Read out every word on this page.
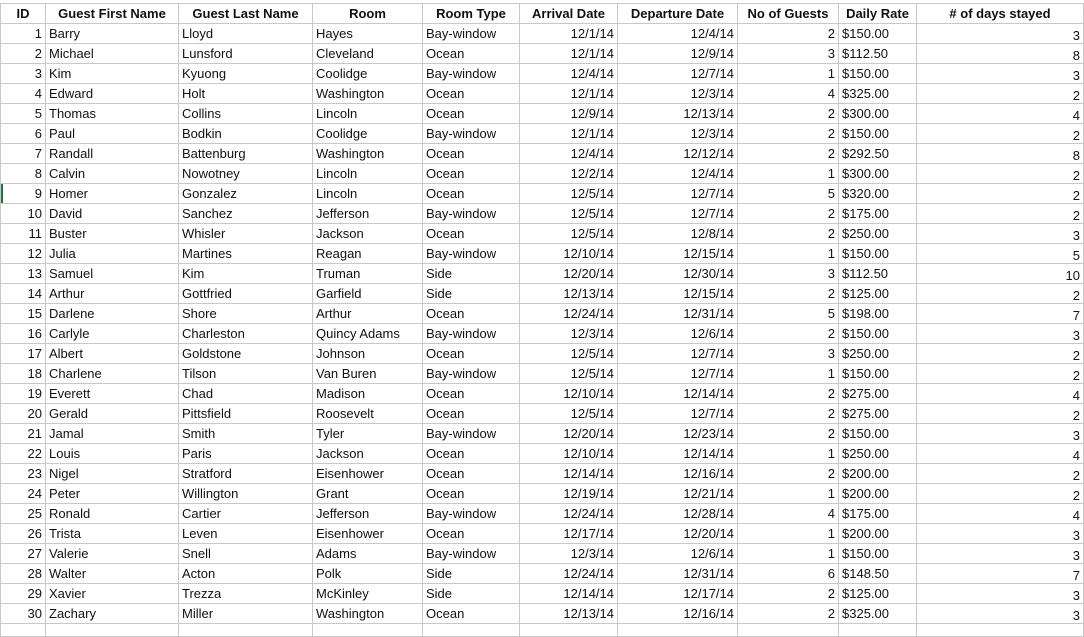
ID	Guest First Name	Guest Last Name	Room	Room Type	Arrival Date	Departure Date	No of Guests	Daily Rate	# of days stayed
1	Barry	Lloyd	Hayes	Bay-window	12/1/14	12/4/14	2	$150.00	3
2	Michael	Lunsford	Cleveland	Ocean	12/1/14	12/9/14	3	$112.50	8
3	Kim	Kyuong	Coolidge	Bay-window	12/4/14	12/7/14	1	$150.00	3
4	Edward	Holt	Washington	Ocean	12/1/14	12/3/14	4	$325.00	2
5	Thomas	Collins	Lincoln	Ocean	12/9/14	12/13/14	2	$300.00	4
6	Paul	Bodkin	Coolidge	Bay-window	12/1/14	12/3/14	2	$150.00	2
7	Randall	Battenburg	Washington	Ocean	12/4/14	12/12/14	2	$292.50	8
8	Calvin	Nowotney	Lincoln	Ocean	12/2/14	12/4/14	1	$300.00	2
9	Homer	Gonzalez	Lincoln	Ocean	12/5/14	12/7/14	5	$320.00	2
10	David	Sanchez	Jefferson	Bay-window	12/5/14	12/7/14	2	$175.00	2
11	Buster	Whisler	Jackson	Ocean	12/5/14	12/8/14	2	$250.00	3
12	Julia	Martines	Reagan	Bay-window	12/10/14	12/15/14	1	$150.00	5
13	Samuel	Kim	Truman	Side	12/20/14	12/30/14	3	$112.50	10
14	Arthur	Gottfried	Garfield	Side	12/13/14	12/15/14	2	$125.00	2
15	Darlene	Shore	Arthur	Ocean	12/24/14	12/31/14	5	$198.00	7
16	Carlyle	Charleston	Quincy Adams	Bay-window	12/3/14	12/6/14	2	$150.00	3
17	Albert	Goldstone	Johnson	Ocean	12/5/14	12/7/14	3	$250.00	2
18	Charlene	Tilson	Van Buren	Bay-window	12/5/14	12/7/14	1	$150.00	2
19	Everett	Chad	Madison	Ocean	12/10/14	12/14/14	2	$275.00	4
20	Gerald	Pittsfield	Roosevelt	Ocean	12/5/14	12/7/14	2	$275.00	2
21	Jamal	Smith	Tyler	Bay-window	12/20/14	12/23/14	2	$150.00	3
22	Louis	Paris	Jackson	Ocean	12/10/14	12/14/14	1	$250.00	4
23	Nigel	Stratford	Eisenhower	Ocean	12/14/14	12/16/14	2	$200.00	2
24	Peter	Willington	Grant	Ocean	12/19/14	12/21/14	1	$200.00	2
25	Ronald	Cartier	Jefferson	Bay-window	12/24/14	12/28/14	4	$175.00	4
26	Trista	Leven	Eisenhower	Ocean	12/17/14	12/20/14	1	$200.00	3
27	Valerie	Snell	Adams	Bay-window	12/3/14	12/6/14	1	$150.00	3
28	Walter	Acton	Polk	Side	12/24/14	12/31/14	6	$148.50	7
29	Xavier	Trezza	McKinley	Side	12/14/14	12/17/14	2	$125.00	3
30	Zachary	Miller	Washington	Ocean	12/13/14	12/16/14	2	$325.00	3
